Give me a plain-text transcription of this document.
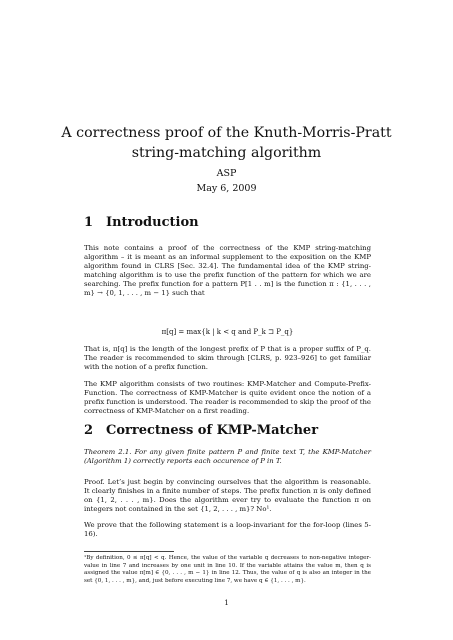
A correctness proof of the Knuth-Morris-Pratt string-matching algorithm
ASP
May 6, 2009
1 Introduction
This note contains a proof of the correctness of the KMP string-matching algorithm – it is meant as an informal supplement to the exposition on the KMP algorithm found in CLRS [Sec. 32.4]. The fundamental idea of the KMP string-matching algorithm is to use the prefix function of the pattern for which we are searching. The prefix function for a pattern P[1 . . m] is the function π : {1, . . . , m} → {0, 1, . . . , m − 1} such that
π[q] = max{k | k < q and P_k ⊐ P_q}
That is, π[q] is the length of the longest prefix of P that is a proper suffix of P_q. The reader is recommended to skim through [CLRS, p. 923–926] to get familiar with the notion of a prefix function.
The KMP algorithm consists of two routines: KMP-Matcher and Compute-Prefix-Function. The correctness of KMP-Matcher is quite evident once the notion of a prefix function is understood. The reader is recommended to skip the proof of the correctness of KMP-Matcher on a first reading.
2 Correctness of KMP-Matcher
Theorem 2.1. For any given finite pattern P and finite text T, the KMP-Matcher (Algorithm 1) correctly reports each occurence of P in T.
Proof. Let’s just begin by convincing ourselves that the algorithm is reasonable. It clearly finishes in a finite number of steps. The prefix function π is only defined on {1, 2, . . . , m}. Does the algorithm ever try to evaluate the function π on integers not contained in the set {1, 2, . . . , m}? No¹.
We prove that the following statement is a loop-invariant for the for-loop (lines 5-16).
¹By definition, 0 ≤ π[q] < q. Hence, the value of the variable q decreases to non-negative integer-value in line 7 and increases by one unit in line 10. If the variable attains the value m, then q is assigned the value π[m] ∈ {0, . . . , m − 1} in line 12. Thus, the value of q is also an integer in the set {0, 1, . . . , m}, and, just before executing line 7, we have q ∈ {1, . . . , m}.
1
